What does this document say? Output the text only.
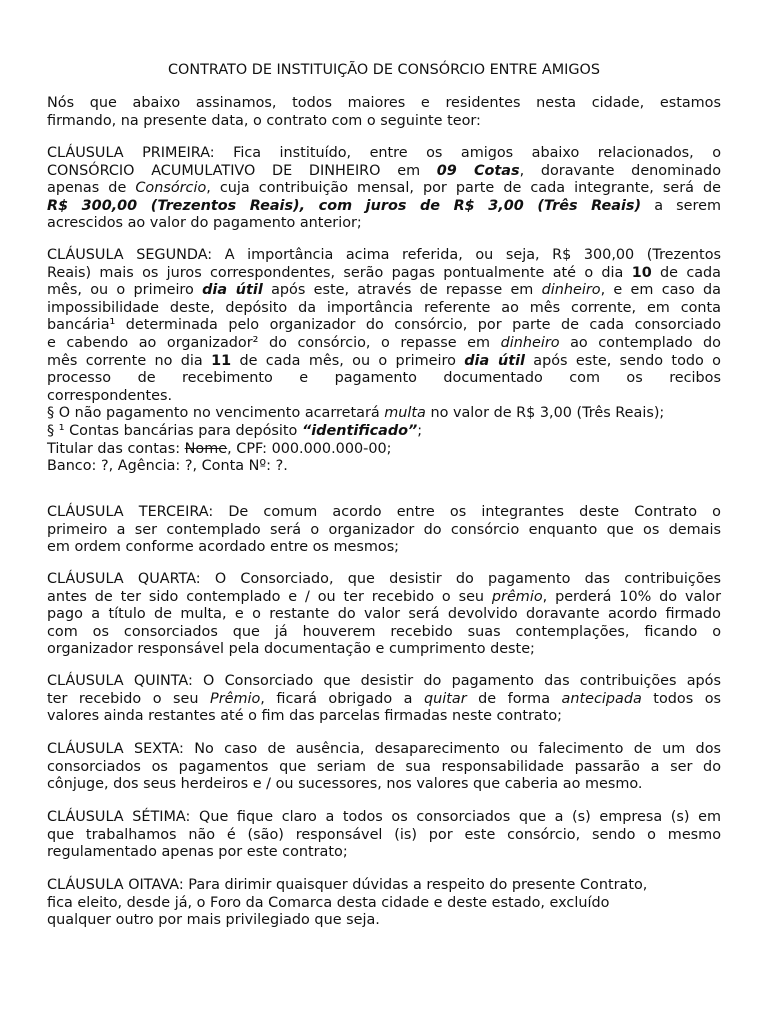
CONTRATO DE INSTITUIÇÃO DE CONSÓRCIO ENTRE AMIGOS

Nós que abaixo assinamos, todos maiores e residentes nesta cidade, estamos
firmando, na presente data, o contrato com o seguinte teor:

CLÁUSULA PRIMEIRA: Fica instituído, entre os amigos abaixo relacionados, o
CONSÓRCIO ACUMULATIVO DE DINHEIRO em 09 Cotas, doravante denominado
apenas de Consórcio, cuja contribuição mensal, por parte de cada integrante, será de
R$ 300,00 (Trezentos Reais), com juros de R$ 3,00 (Três Reais) a serem
acrescidos ao valor do pagamento anterior;

CLÁUSULA SEGUNDA: A importância acima referida, ou seja, R$ 300,00 (Trezentos
Reais) mais os juros correspondentes, serão pagas pontualmente até o dia 10 de cada
mês, ou o primeiro dia útil após este, através de repasse em dinheiro, e em caso da
impossibilidade deste, depósito da importância referente ao mês corrente, em conta
bancária¹ determinada pelo organizador do consórcio, por parte de cada consorciado
e cabendo ao organizador² do consórcio, o repasse em dinheiro ao contemplado do
mês corrente no dia 11 de cada mês, ou o primeiro dia útil após este, sendo todo o
processo de recebimento e pagamento documentado com os recibos
correspondentes.
§ O não pagamento no vencimento acarretará multa no valor de R$ 3,00 (Três Reais);
§ ¹ Contas bancárias para depósito “identificado”;
Titular das contas: Nome, CPF: 000.000.000-00;
Banco: ?, Agência: ?, Conta Nº: ?.

CLÁUSULA TERCEIRA: De comum acordo entre os integrantes deste Contrato o
primeiro a ser contemplado será o organizador do consórcio enquanto que os demais
em ordem conforme acordado entre os mesmos;

CLÁUSULA QUARTA: O Consorciado, que desistir do pagamento das contribuições
antes de ter sido contemplado e / ou ter recebido o seu prêmio, perderá 10% do valor
pago a título de multa, e o restante do valor será devolvido doravante acordo firmado
com os consorciados que já houverem recebido suas contemplações, ficando o
organizador responsável pela documentação e cumprimento deste;

CLÁUSULA QUINTA: O Consorciado que desistir do pagamento das contribuições após
ter recebido o seu Prêmio, ficará obrigado a quitar de forma antecipada todos os
valores ainda restantes até o fim das parcelas firmadas neste contrato;

CLÁUSULA SEXTA: No caso de ausência, desaparecimento ou falecimento de um dos
consorciados os pagamentos que seriam de sua responsabilidade passarão a ser do
cônjuge, dos seus herdeiros e / ou sucessores, nos valores que caberia ao mesmo.

CLÁUSULA SÉTIMA: Que fique claro a todos os consorciados que a (s) empresa (s) em
que trabalhamos não é (são) responsável (is) por este consórcio, sendo o mesmo
regulamentado apenas por este contrato;

CLÁUSULA OITAVA: Para dirimir quaisquer dúvidas a respeito do presente Contrato,
fica eleito, desde já, o Foro da Comarca desta cidade e deste estado, excluído
qualquer outro por mais privilegiado que seja.
